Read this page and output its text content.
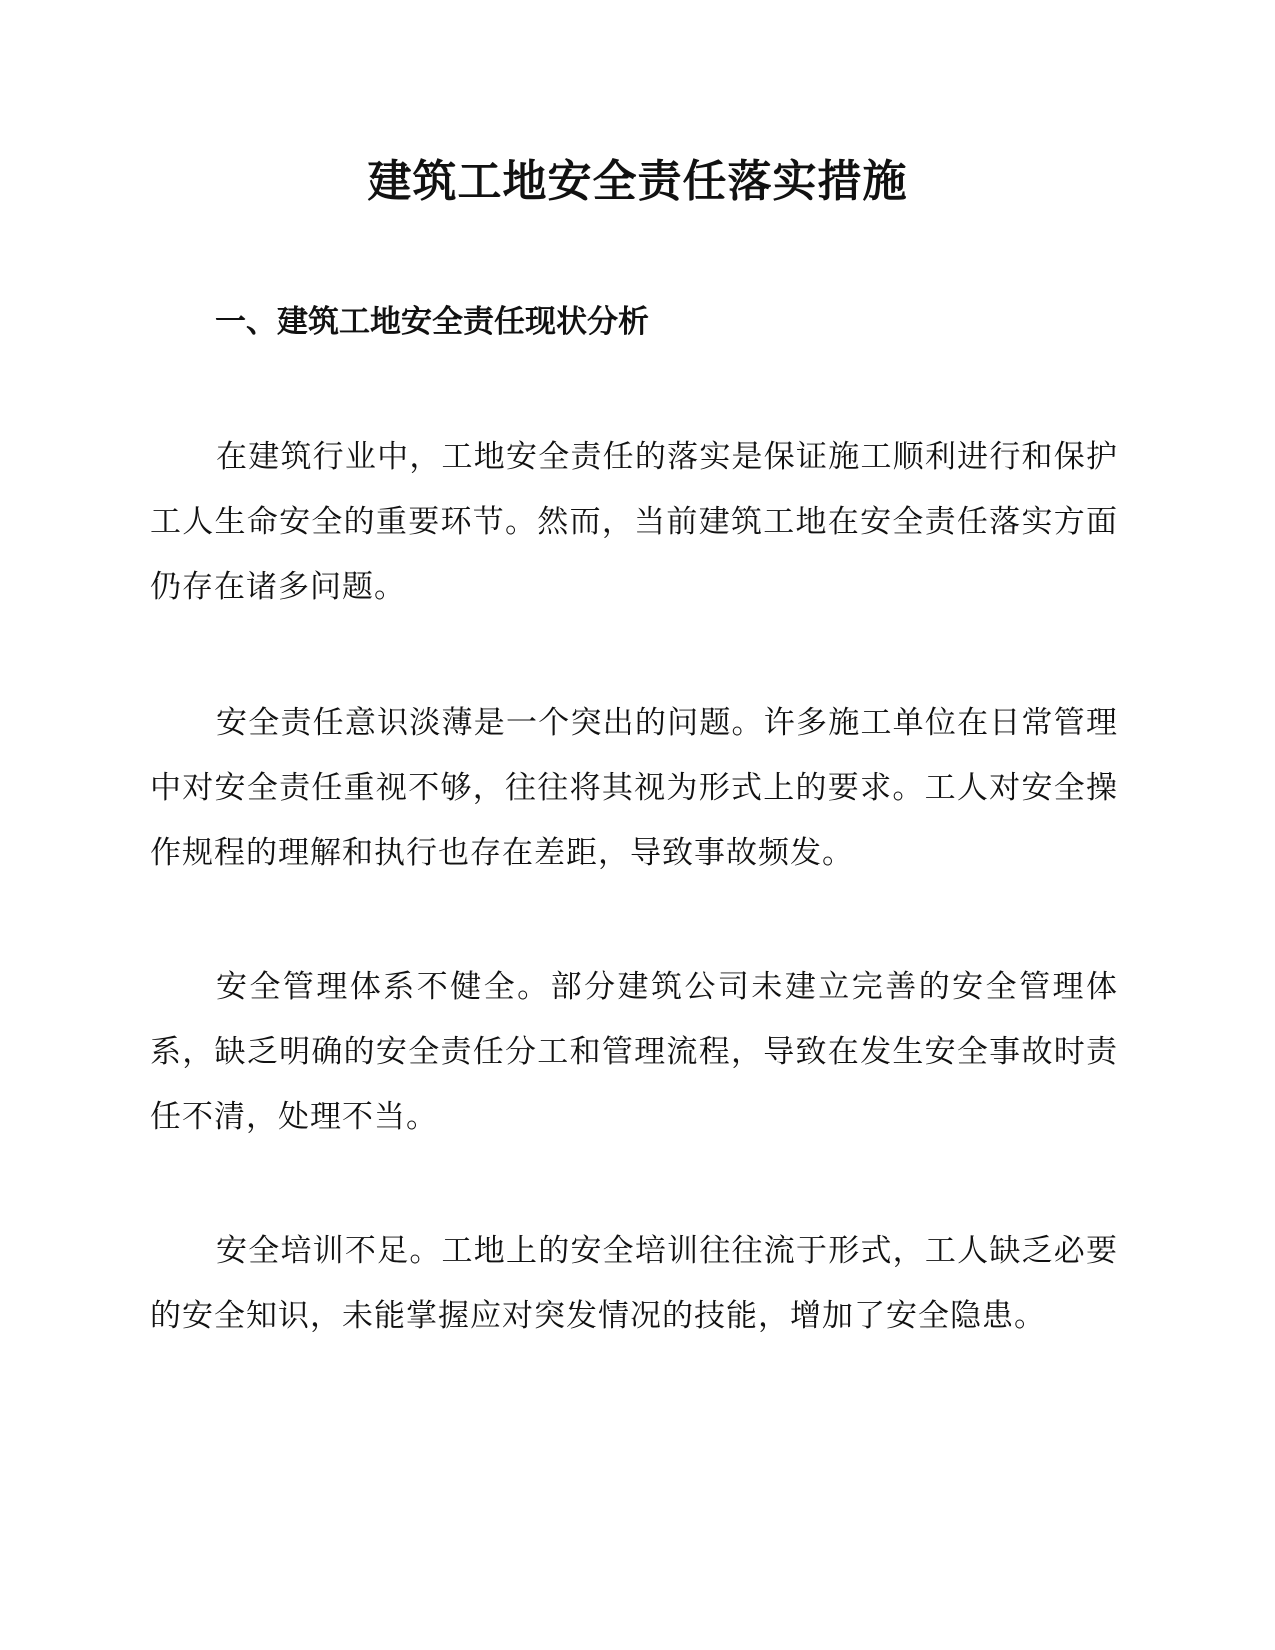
建筑工地安全责任落实措施
一、建筑工地安全责任现状分析

在建筑行业中，工地安全责任的落实是保证施工顺利进行和保护工人生命安全的重要环节。然而，当前建筑工地在安全责任落实方面仍存在诸多问题。

安全责任意识淡薄是一个突出的问题。许多施工单位在日常管理中对安全责任重视不够，往往将其视为形式上的要求。工人对安全操作规程的理解和执行也存在差距，导致事故频发。

安全管理体系不健全。部分建筑公司未建立完善的安全管理体系，缺乏明确的安全责任分工和管理流程，导致在发生安全事故时责任不清，处理不当。

安全培训不足。工地上的安全培训往往流于形式，工人缺乏必要的安全知识，未能掌握应对突发情况的技能，增加了安全隐患。
